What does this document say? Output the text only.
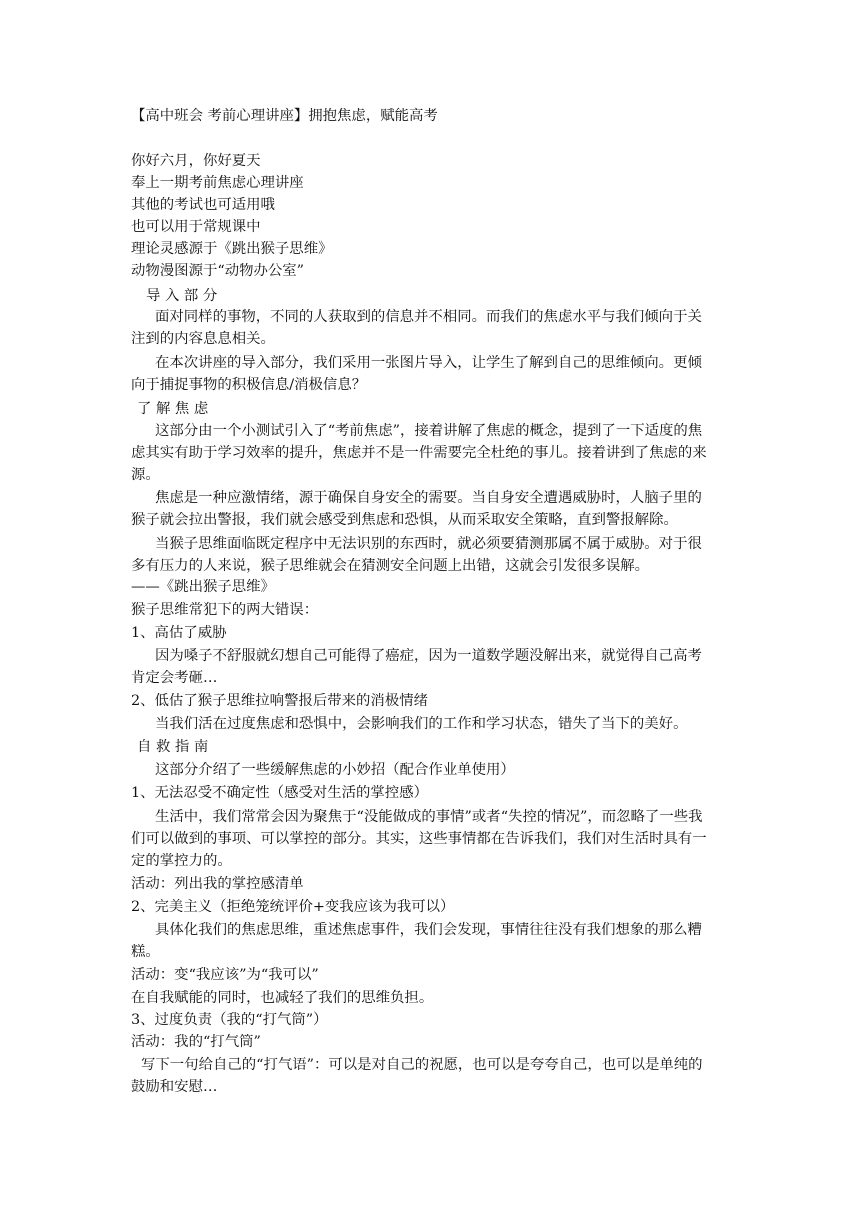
【高中班会 考前心理讲座】拥抱焦虑，赋能高考
你好六月，你好夏天
奉上一期考前焦虑心理讲座
其他的考试也可适用哦
也可以用于常规课中
理论灵感源于《跳出猴子思维》
动物漫图源于“动物办公室”
导 入 部 分
面对同样的事物，不同的人获取到的信息并不相同。而我们的焦虑水平与我们倾向于关
注到的内容息息相关。
在本次讲座的导入部分，我们采用一张图片导入，让学生了解到自己的思维倾向。更倾
向于捕捉事物的积极信息/消极信息？
了 解 焦 虑
这部分由一个小测试引入了“考前焦虑”，接着讲解了焦虑的概念，提到了一下适度的焦
虑其实有助于学习效率的提升，焦虑并不是一件需要完全杜绝的事儿。接着讲到了焦虑的来
源。
焦虑是一种应激情绪，源于确保自身安全的需要。当自身安全遭遇威胁时，人脑子里的
猴子就会拉出警报，我们就会感受到焦虑和恐惧，从而采取安全策略，直到警报解除。
当猴子思维面临既定程序中无法识别的东西时，就必须要猜测那属不属于威胁。对于很
多有压力的人来说，猴子思维就会在猜测安全问题上出错，这就会引发很多误解。
——《跳出猴子思维》
猴子思维常犯下的两大错误：
1、高估了威胁
因为嗓子不舒服就幻想自己可能得了癌症，因为一道数学题没解出来，就觉得自己高考
肯定会考砸…
2、低估了猴子思维拉响警报后带来的消极情绪
当我们活在过度焦虑和恐惧中，会影响我们的工作和学习状态，错失了当下的美好。
自 救 指 南
这部分介绍了一些缓解焦虑的小妙招（配合作业单使用）
1、无法忍受不确定性（感受对生活的掌控感）
生活中，我们常常会因为聚焦于“没能做成的事情”或者“失控的情况”，而忽略了一些我
们可以做到的事项、可以掌控的部分。其实，这些事情都在告诉我们，我们对生活时具有一
定的掌控力的。
活动：列出我的掌控感清单
2、完美主义（拒绝笼统评价+变我应该为我可以）
具体化我们的焦虑思维，重述焦虑事件，我们会发现，事情往往没有我们想象的那么糟
糕。
活动：变“我应该”为“我可以”
在自我赋能的同时，也减轻了我们的思维负担。
3、过度负责（我的“打气筒”）
活动：我的“打气筒”
写下一句给自己的“打气语”：可以是对自己的祝愿，也可以是夸夸自己，也可以是单纯的
鼓励和安慰…
